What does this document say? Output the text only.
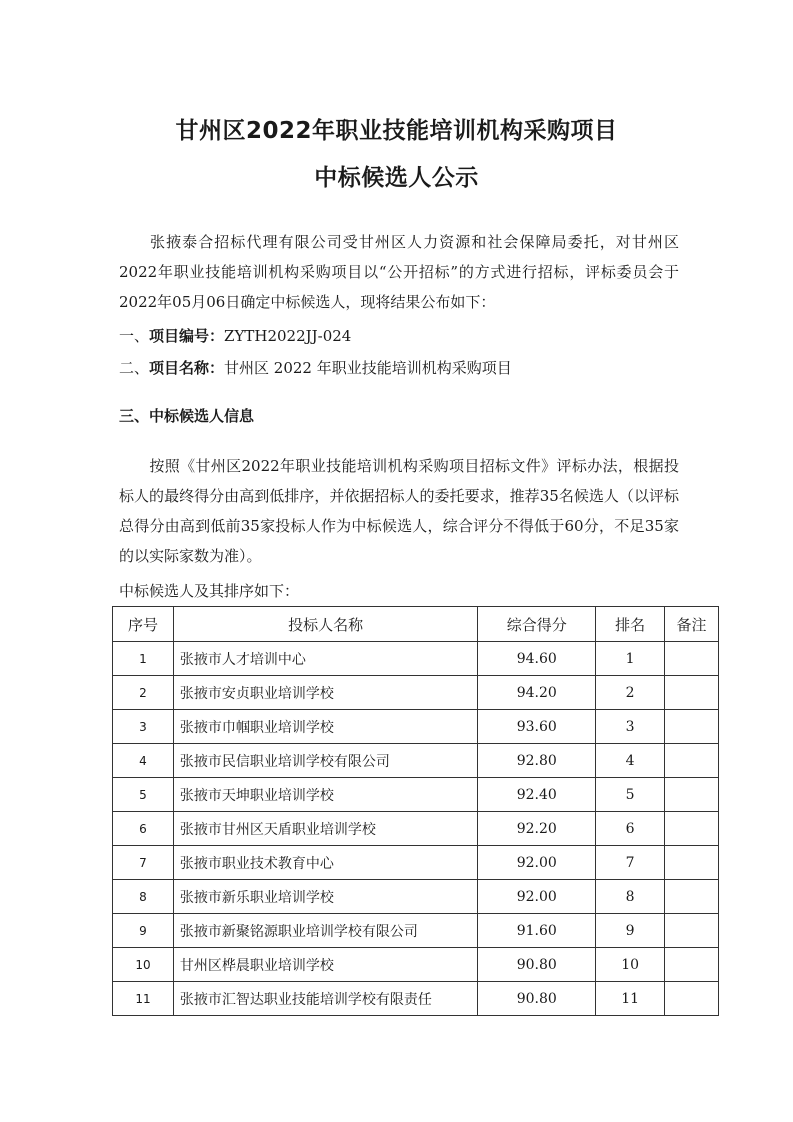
甘州区2022年职业技能培训机构采购项目
中标候选人公示

张掖泰合招标代理有限公司受甘州区人力资源和社会保障局委托，对甘州区2022年职业技能培训机构采购项目以“公开招标”的方式进行招标，评标委员会于2022年05月06日确定中标候选人，现将结果公布如下：

一、项目编号：ZYTH2022JJ-024
二、项目名称：甘州区 2022 年职业技能培训机构采购项目
三、中标候选人信息

按照《甘州区2022年职业技能培训机构采购项目招标文件》评标办法，根据投标人的最终得分由高到低排序，并依据招标人的委托要求，推荐35名候选人（以评标总得分由高到低前35家投标人作为中标候选人，综合评分不得低于60分，不足35家的以实际家数为准）。

中标候选人及其排序如下：
序号	投标人名称	综合得分	排名	备注
1	张掖市人才培训中心	94.60	1	
2	张掖市安贞职业培训学校	94.20	2	
3	张掖市巾帼职业培训学校	93.60	3	
4	张掖市民信职业培训学校有限公司	92.80	4	
5	张掖市天坤职业培训学校	92.40	5	
6	张掖市甘州区天盾职业培训学校	92.20	6	
7	张掖市职业技术教育中心	92.00	7	
8	张掖市新乐职业培训学校	92.00	8	
9	张掖市新聚铭源职业培训学校有限公司	91.60	9	
10	甘州区桦晨职业培训学校	90.80	10	
11	张掖市汇智达职业技能培训学校有限责任	90.80	11	
